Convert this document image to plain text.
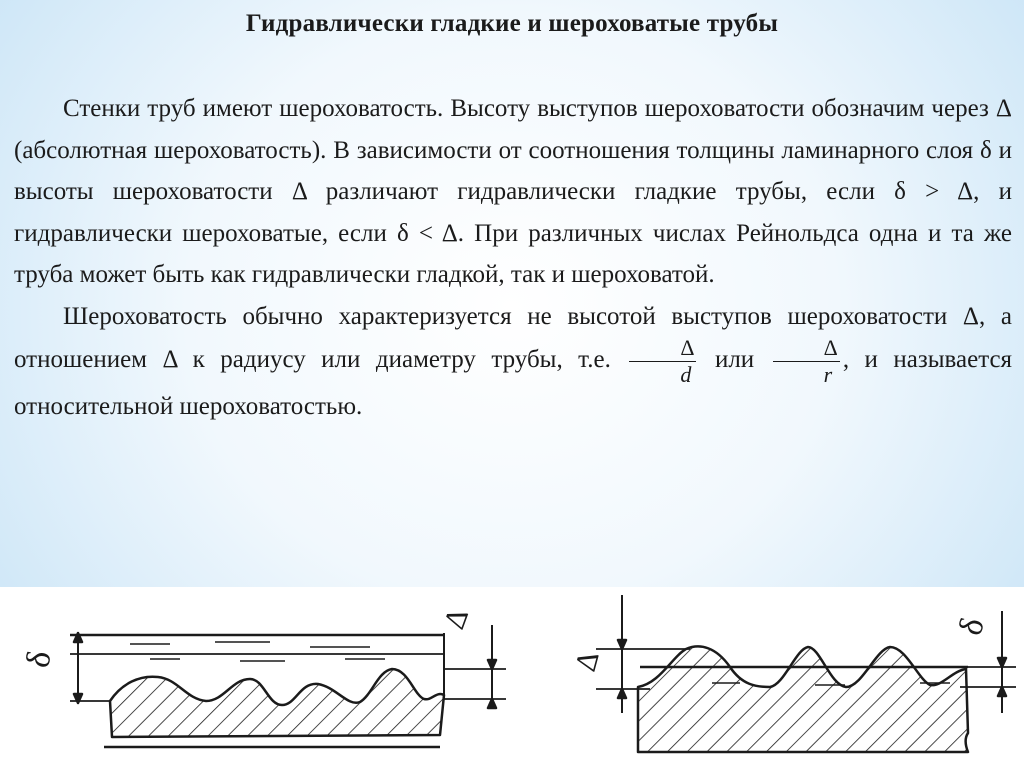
Гидравлически гладкие и шероховатые трубы

Стенки труб имеют шероховатость. Высоту выступов шероховатости обозначим через Δ (абсолютная шероховатость). В зависимости от соотношения толщины ламинарного слоя δ и высоты шероховатости Δ различают гидравлически гладкие трубы, если δ > Δ, и гидравлически шероховатые, если δ < Δ. При различных числах Рейнольдса одна и та же труба может быть как гидравлически гладкой, так и шероховатой.

Шероховатость обычно характеризуется не высотой выступов шероховатости Δ, а отношением Δ к радиусу или диаметру трубы, т.е. $\frac{\Delta}{d}$ или $\frac{\Delta}{r}$ , и называется относительной шероховатостью.

δ
Δ
Δ
δ
